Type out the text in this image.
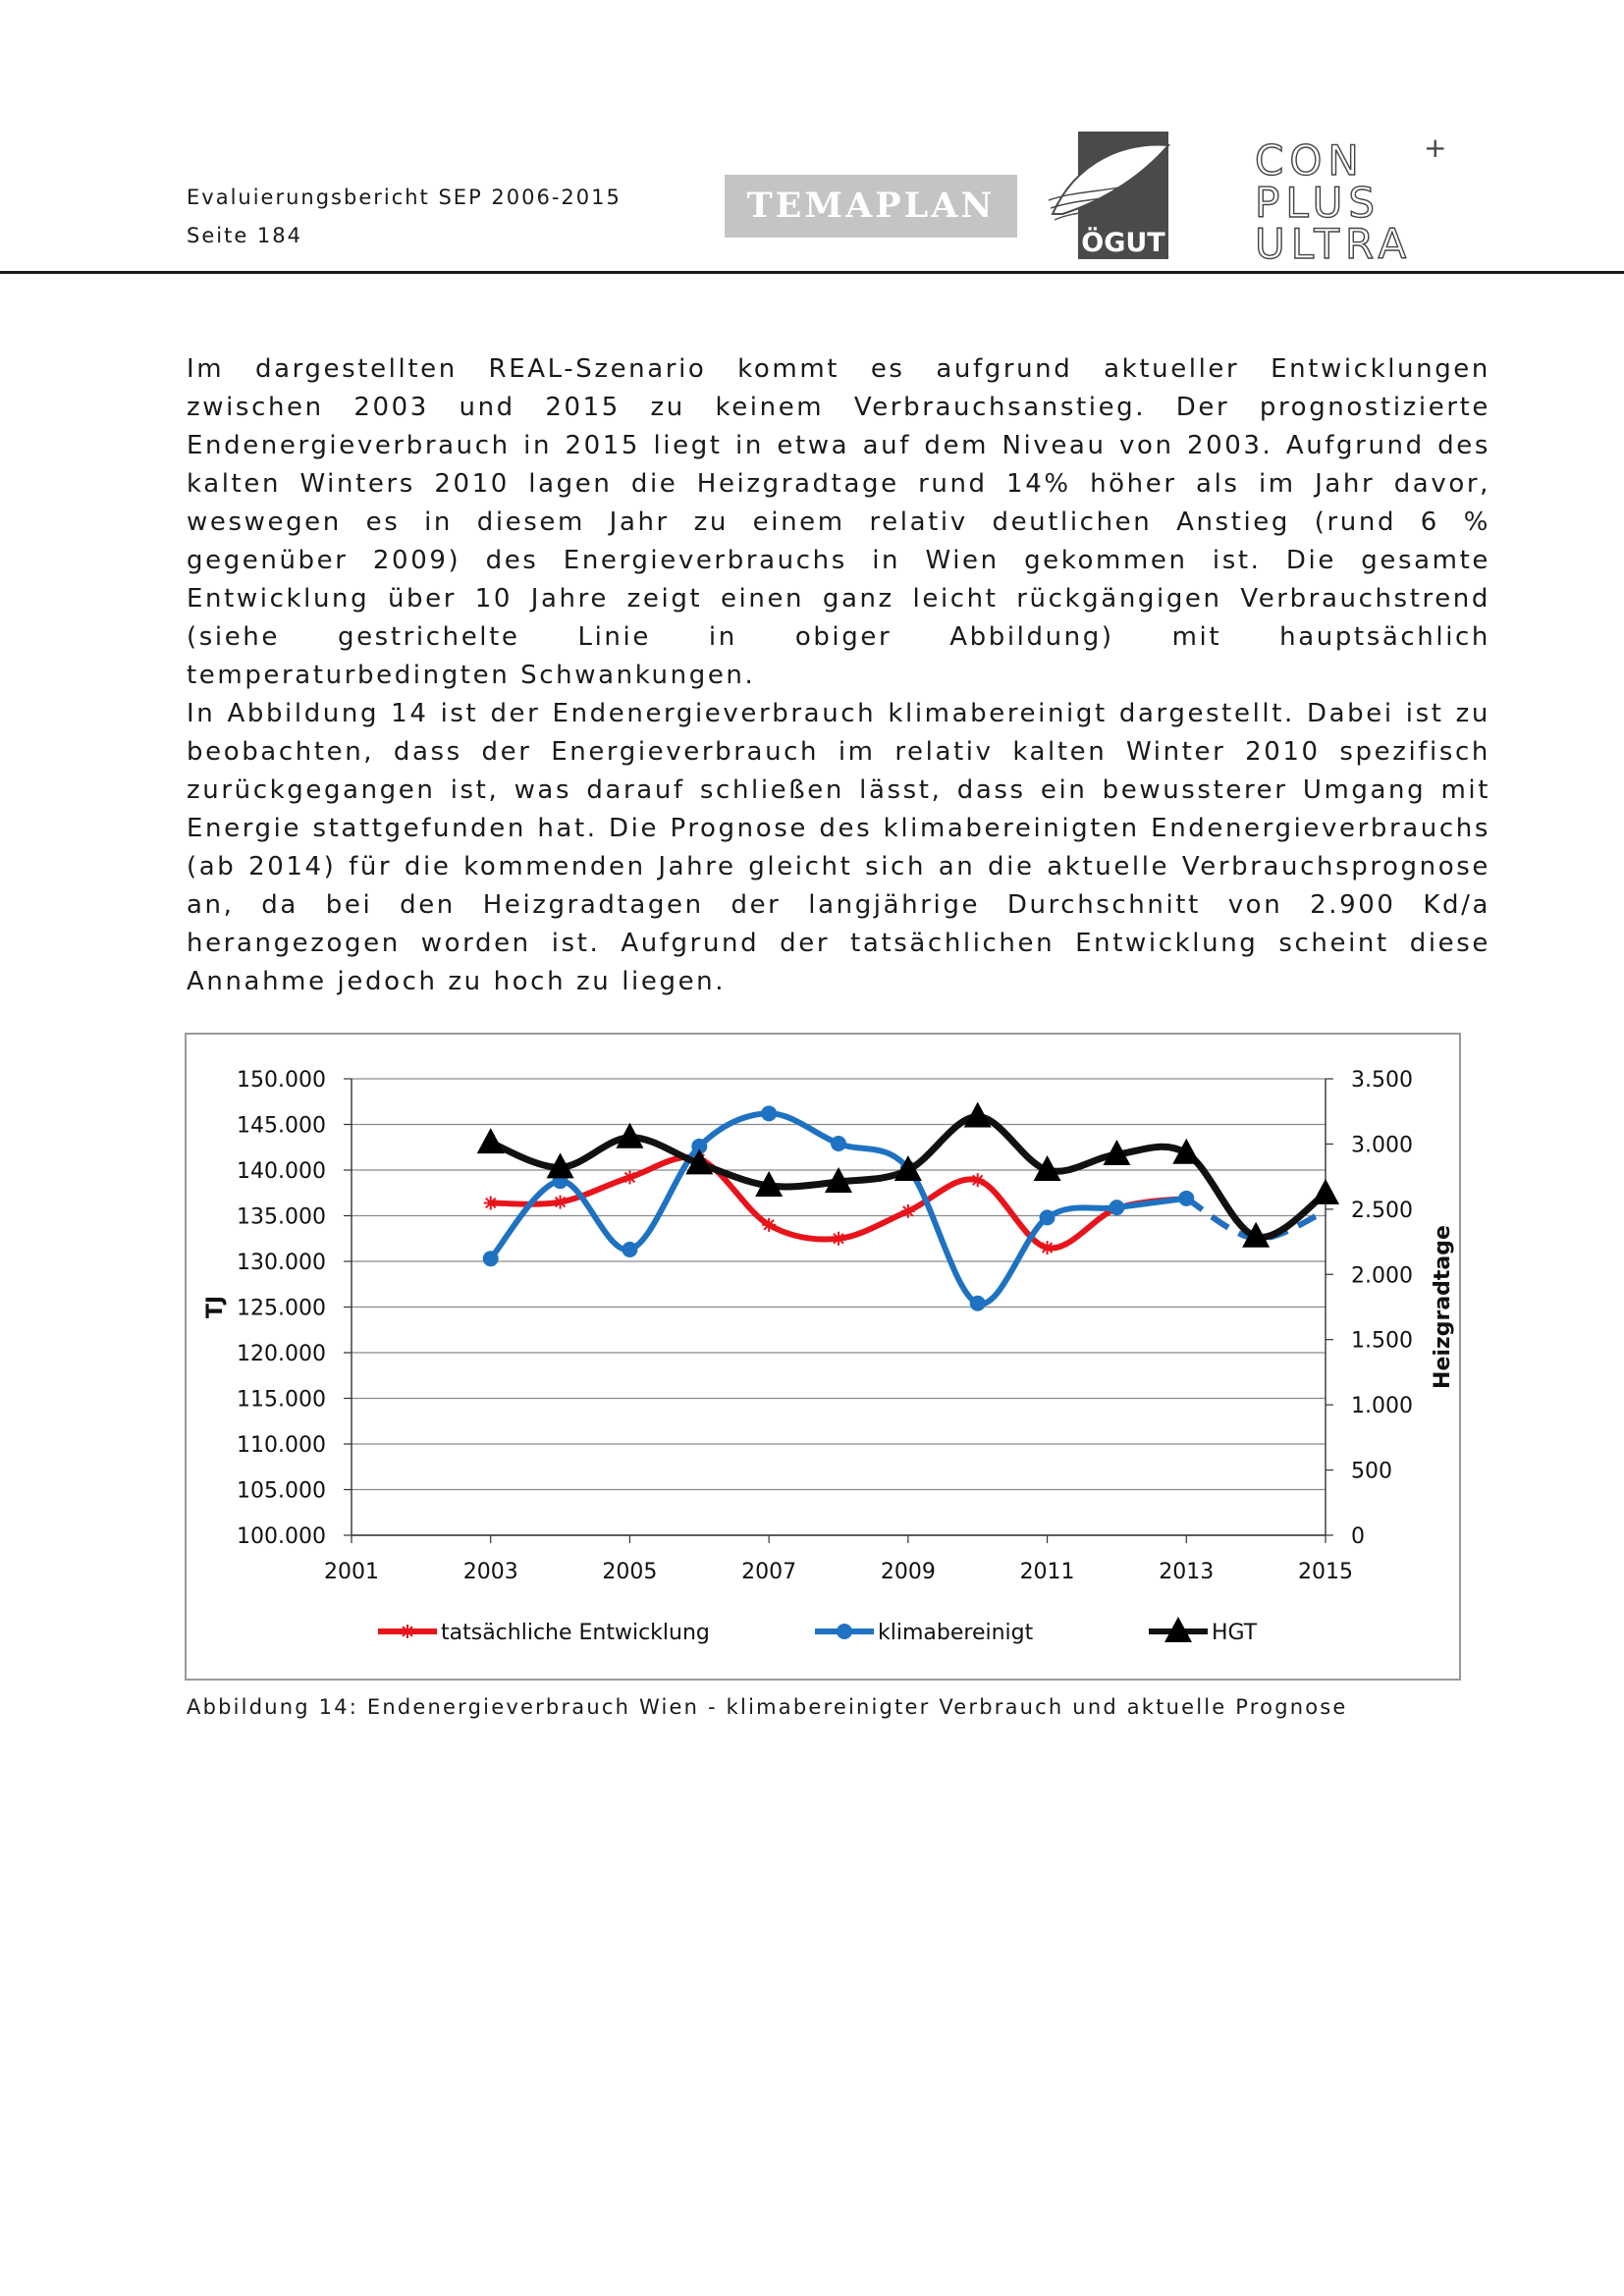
Evaluierungsbericht SEP 2006-2015
Seite 184
TEMAPLAN
ÖGUT
CON
PLUS
ULTRA
+
Im dargestellten REAL-Szenario kommt es aufgrund aktueller Entwicklungen zwischen 2003 und 2015 zu keinem Verbrauchsanstieg. Der prognostizierte Endenergieverbrauch in 2015 liegt in etwa auf dem Niveau von 2003. Aufgrund des kalten Winters 2010 lagen die Heizgradtage rund 14% höher als im Jahr davor, weswegen es in diesem Jahr zu einem relativ deutlichen Anstieg (rund 6 % gegenüber 2009) des Energieverbrauchs in Wien gekommen ist. Die gesamte Entwicklung über 10 Jahre zeigt einen ganz leicht rückgängigen Verbrauchstrend (siehe gestrichelte Linie in obiger Abbildung) mit hauptsächlich temperaturbedingten Schwankungen.
In Abbildung 14 ist der Endenergieverbrauch klimabereinigt dargestellt. Dabei ist zu beobachten, dass der Energieverbrauch im relativ kalten Winter 2010 spezifisch zurückgegangen ist, was darauf schließen lässt, dass ein bewussterer Umgang mit Energie stattgefunden hat. Die Prognose des klimabereinigten Endenergieverbrauchs (ab 2014) für die kommenden Jahre gleicht sich an die aktuelle Verbrauchsprognose an, da bei den Heizgradtagen der langjährige Durchschnitt von 2.900 Kd/a herangezogen worden ist. Aufgrund der tatsächlichen Entwicklung scheint diese Annahme jedoch zu hoch zu liegen.
100.000
105.000
110.000
115.000
120.000
125.000
130.000
135.000
140.000
145.000
150.000
0
500
1.000
1.500
2.000
2.500
3.000
3.500
2001	2003	2005	2007	2009	2011	2013	2015
TJ	Heizgradtage
tatsächliche Entwicklung	klimabereinigt	HGT
Abbildung 14: Endenergieverbrauch Wien - klimabereinigter Verbrauch und aktuelle Prognose
